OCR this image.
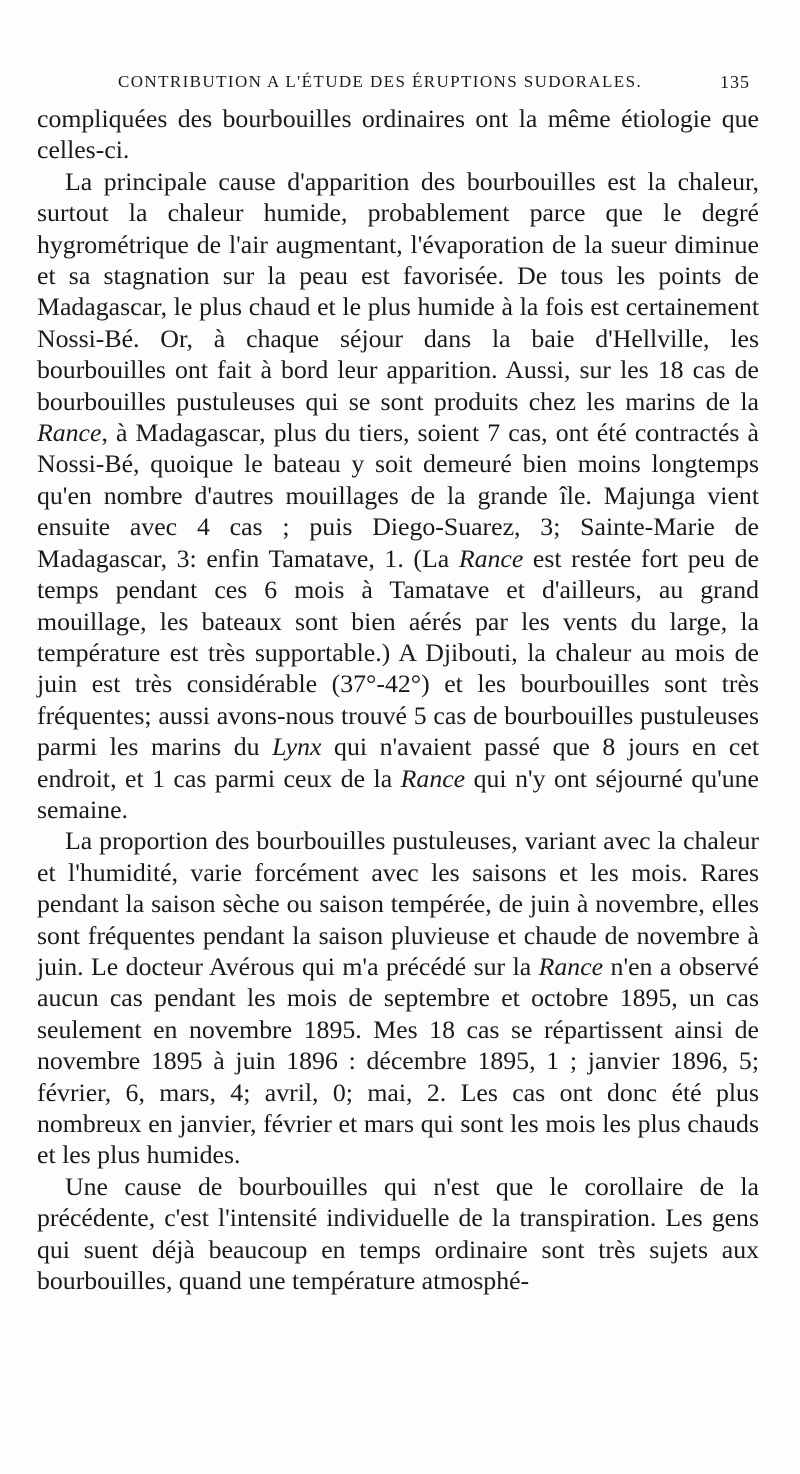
CONTRIBUTION A L'ÉTUDE DES ÉRUPTIONS SUDORALES.	135

compliquées des bourbouilles ordinaires ont la même étiologie que celles-ci.

La principale cause d'apparition des bourbouilles est la chaleur, surtout la chaleur humide, probablement parce que le degré hygrométrique de l'air augmentant, l'évaporation de la sueur diminue et sa stagnation sur la peau est favorisée. De tous les points de Madagascar, le plus chaud et le plus humide à la fois est certainement Nossi-Bé. Or, à chaque séjour dans la baie d'Hellville, les bourbouilles ont fait à bord leur apparition. Aussi, sur les 18 cas de bourbouilles pustuleuses qui se sont produits chez les marins de la Rance, à Madagascar, plus du tiers, soient 7 cas, ont été contractés à Nossi-Bé, quoique le bateau y soit demeuré bien moins longtemps qu'en nombre d'autres mouillages de la grande île. Majunga vient ensuite avec 4 cas ; puis Diego-Suarez, 3; Sainte-Marie de Madagascar, 3: enfin Tamatave, 1. (La Rance est restée fort peu de temps pendant ces 6 mois à Tamatave et d'ailleurs, au grand mouillage, les bateaux sont bien aérés par les vents du large, la température est très supportable.) A Djibouti, la chaleur au mois de juin est très considérable (37°-42°) et les bourbouilles sont très fréquentes; aussi avons-nous trouvé 5 cas de bourbouilles pustuleuses parmi les marins du Lynx qui n'avaient passé que 8 jours en cet endroit, et 1 cas parmi ceux de la Rance qui n'y ont séjourné qu'une semaine.

La proportion des bourbouilles pustuleuses, variant avec la chaleur et l'humidité, varie forcément avec les saisons et les mois. Rares pendant la saison sèche ou saison tempérée, de juin à novembre, elles sont fréquentes pendant la saison pluvieuse et chaude de novembre à juin. Le docteur Avérous qui m'a précédé sur la Rance n'en a observé aucun cas pendant les mois de septembre et octobre 1895, un cas seulement en novembre 1895. Mes 18 cas se répartissent ainsi de novembre 1895 à juin 1896 : décembre 1895, 1 ; janvier 1896, 5; février, 6, mars, 4; avril, 0; mai, 2. Les cas ont donc été plus nombreux en janvier, février et mars qui sont les mois les plus chauds et les plus humides.

Une cause de bourbouilles qui n'est que le corollaire de la précédente, c'est l'intensité individuelle de la transpiration. Les gens qui suent déjà beaucoup en temps ordinaire sont très sujets aux bourbouilles, quand une température atmosphé-
